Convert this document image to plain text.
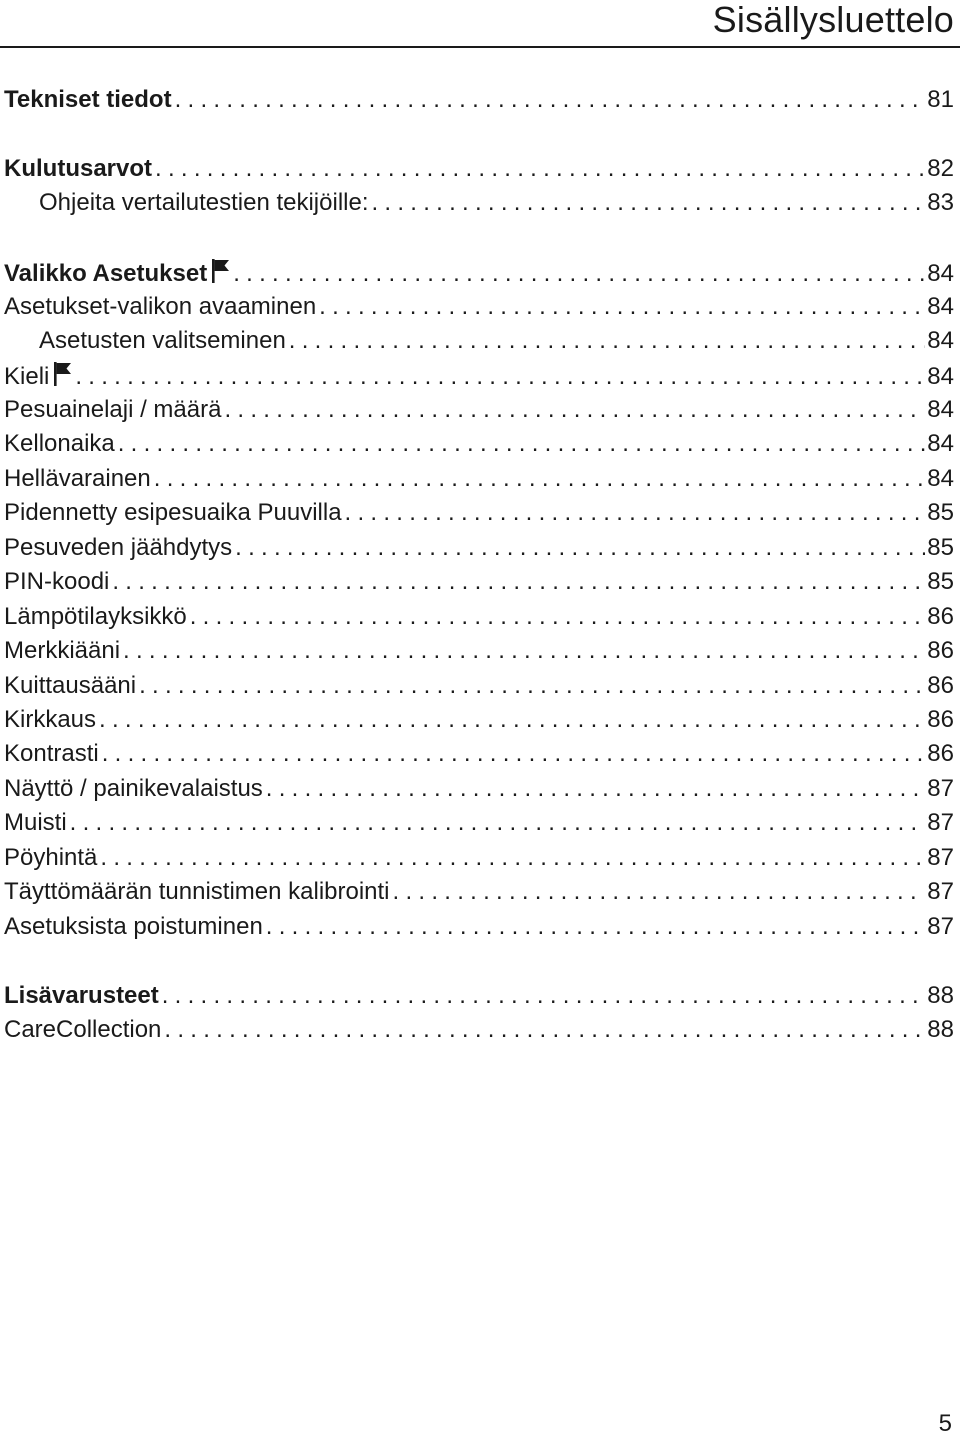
Sisällysluettelo
Tekniset tiedot . . .	81
Kulutusarvot . . .	82
Ohjeita vertailutestien tekijöille: . . .	83
Valikko Asetukset . . .	84
Asetukset-valikon avaaminen . . .	84
Asetusten valitseminen . . .	84
Kieli . . .	84
Pesuainelaji / määrä . . .	84
Kellonaika . . .	84
Hellävarainen . . .	84
Pidennetty esipesuaika Puuvilla . . .	85
Pesuveden jäähdytys . . .	85
PIN-koodi . . .	85
Lämpötilayksikkö . . .	86
Merkkiääni . . .	86
Kuittausääni . . .	86
Kirkkaus . . .	86
Kontrasti . . .	86
Näyttö / painikevalaistus . . .	87
Muisti . . .	87
Pöyhintä . . .	87
Täyttömäärän tunnistimen kalibrointi . . .	87
Asetuksista poistuminen . . .	87
Lisävarusteet . . .	88
CareCollection . . .	88
5
